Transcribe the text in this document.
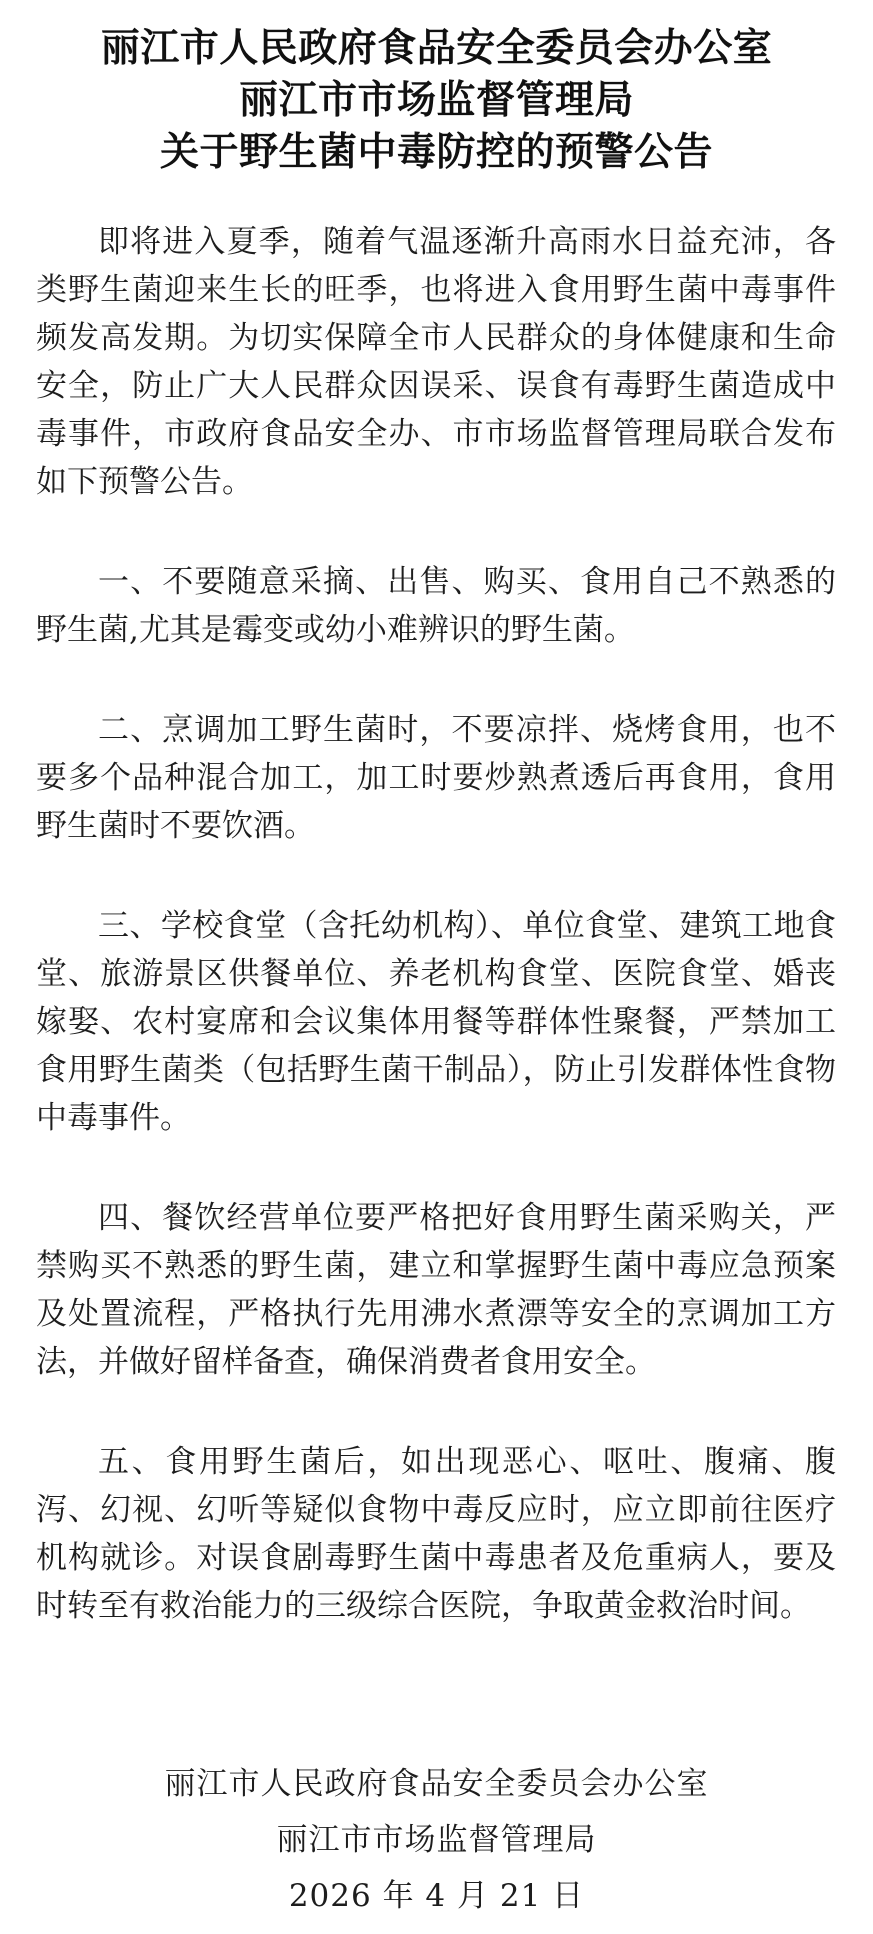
丽江市人民政府食品安全委员会办公室
丽江市市场监督管理局
关于野生菌中毒防控的预警公告

即将进入夏季，随着气温逐渐升高雨水日益充沛，各类野生菌迎来生长的旺季，也将进入食用野生菌中毒事件频发高发期。为切实保障全市人民群众的身体健康和生命安全，防止广大人民群众因误采、误食有毒野生菌造成中毒事件，市政府食品安全办、市市场监督管理局联合发布如下预警公告。

一、不要随意采摘、出售、购买、食用自己不熟悉的野生菌,尤其是霉变或幼小难辨识的野生菌。

二、烹调加工野生菌时，不要凉拌、烧烤食用，也不要多个品种混合加工，加工时要炒熟煮透后再食用，食用野生菌时不要饮酒。

三、学校食堂（含托幼机构）、单位食堂、建筑工地食堂、旅游景区供餐单位、养老机构食堂、医院食堂、婚丧嫁娶、农村宴席和会议集体用餐等群体性聚餐，严禁加工食用野生菌类（包括野生菌干制品），防止引发群体性食物中毒事件。

四、餐饮经营单位要严格把好食用野生菌采购关，严禁购买不熟悉的野生菌，建立和掌握野生菌中毒应急预案及处置流程，严格执行先用沸水煮漂等安全的烹调加工方法，并做好留样备查，确保消费者食用安全。

五、食用野生菌后，如出现恶心、呕吐、腹痛、腹泻、幻视、幻听等疑似食物中毒反应时，应立即前往医疗机构就诊。对误食剧毒野生菌中毒患者及危重病人，要及时转至有救治能力的三级综合医院，争取黄金救治时间。

丽江市人民政府食品安全委员会办公室
丽江市市场监督管理局
2026 年 4 月 21 日
